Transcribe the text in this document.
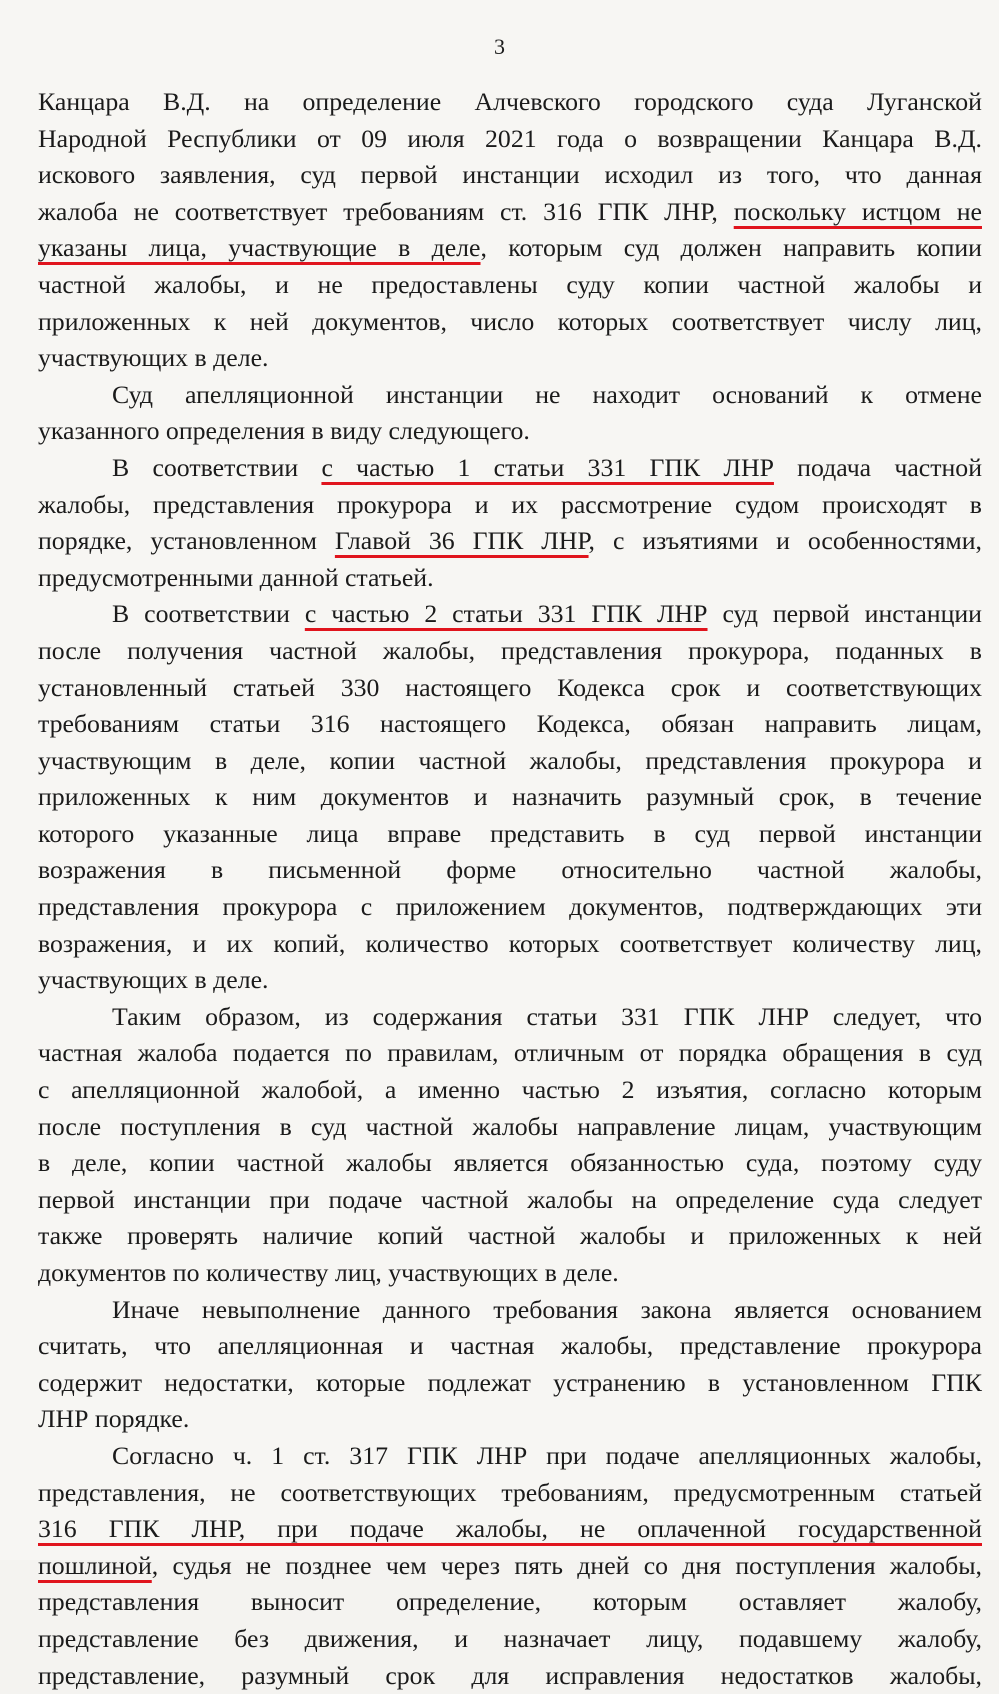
3
Канцара В.Д. на определение Алчевского городского суда Луганской
Народной Республики от 09 июля 2021 года о возвращении Канцара В.Д.
искового заявления, суд первой инстанции исходил из того, что данная
жалоба не соответствует требованиям ст. 316 ГПК ЛНР, поскольку истцом не
указаны лица, участвующие в деле, которым суд должен направить копии
частной жалобы, и не предоставлены суду копии частной жалобы и
приложенных к ней документов, число которых соответствует числу лиц,
участвующих в деле.
Суд апелляционной инстанции не находит оснований к отмене
указанного определения в виду следующего.
В соответствии с частью 1 статьи 331 ГПК ЛНР подача частной
жалобы, представления прокурора и их рассмотрение судом происходят в
порядке, установленном Главой 36 ГПК ЛНР, с изъятиями и особенностями,
предусмотренными данной статьей.
В соответствии с частью 2 статьи 331 ГПК ЛНР суд первой инстанции
после получения частной жалобы, представления прокурора, поданных в
установленный статьей 330 настоящего Кодекса срок и соответствующих
требованиям статьи 316 настоящего Кодекса, обязан направить лицам,
участвующим в деле, копии частной жалобы, представления прокурора и
приложенных к ним документов и назначить разумный срок, в течение
которого указанные лица вправе представить в суд первой инстанции
возражения в письменной форме относительно частной жалобы,
представления прокурора с приложением документов, подтверждающих эти
возражения, и их копий, количество которых соответствует количеству лиц,
участвующих в деле.
Таким образом, из содержания статьи 331 ГПК ЛНР следует, что
частная жалоба подается по правилам, отличным от порядка обращения в суд
с апелляционной жалобой, а именно частью 2 изъятия, согласно которым
после поступления в суд частной жалобы направление лицам, участвующим
в деле, копии частной жалобы является обязанностью суда, поэтому суду
первой инстанции при подаче частной жалобы на определение суда следует
также проверять наличие копий частной жалобы и приложенных к ней
документов по количеству лиц, участвующих в деле.
Иначе невыполнение данного требования закона является основанием
считать, что апелляционная и частная жалобы, представление прокурора
содержит недостатки, которые подлежат устранению в установленном ГПК
ЛНР порядке.
Согласно ч. 1 ст. 317 ГПК ЛНР при подаче апелляционных жалобы,
представления, не соответствующих требованиям, предусмотренным статьей
316 ГПК ЛНР, при подаче жалобы, не оплаченной государственной
пошлиной, судья не позднее чем через пять дней со дня поступления жалобы,
представления выносит определение, которым оставляет жалобу,
представление без движения, и назначает лицу, подавшему жалобу,
представление, разумный срок для исправления недостатков жалобы,
